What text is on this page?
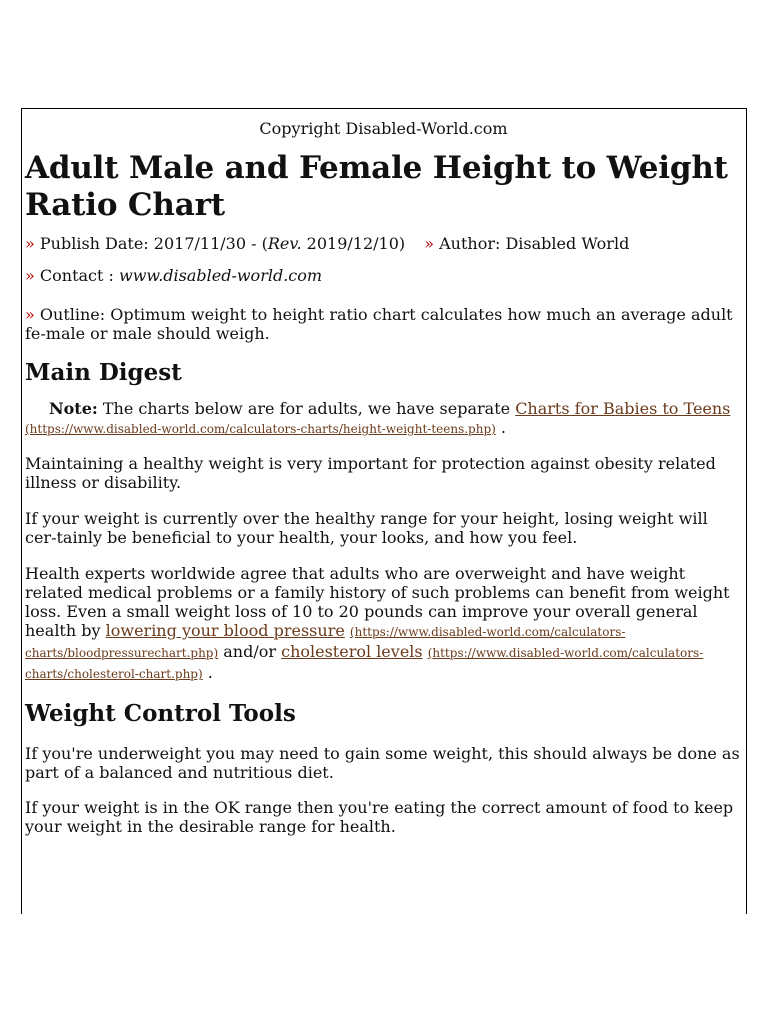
Copyright Disabled-World.com
Adult Male and Female Height to Weight Ratio Chart
» Publish Date: 2017/11/30 - (Rev. 2019/12/10) » Author: Disabled World
» Contact : www.disabled-world.com

» Outline: Optimum weight to height ratio chart calculates how much an average adult fe-male or male should weigh.

Main Digest

Note: The charts below are for adults, we have separate Charts for Babies to Teens (https://www.disabled-world.com/calculators-charts/height-weight-teens.php) .

Maintaining a healthy weight is very important for protection against obesity related illness or disability.

If your weight is currently over the healthy range for your height, losing weight will cer-tainly be beneficial to your health, your looks, and how you feel.

Health experts worldwide agree that adults who are overweight and have weight related medical problems or a family history of such problems can benefit from weight loss. Even a small weight loss of 10 to 20 pounds can improve your overall general health by lowering your blood pressure (https://www.disabled-world.com/calculators-charts/bloodpressurechart.php) and/or cholesterol levels (https://www.disabled-world.com/calculators-charts/cholesterol-chart.php) .

Weight Control Tools

If you're underweight you may need to gain some weight, this should always be done as part of a balanced and nutritious diet.

If your weight is in the OK range then you're eating the correct amount of food to keep your weight in the desirable range for health.
